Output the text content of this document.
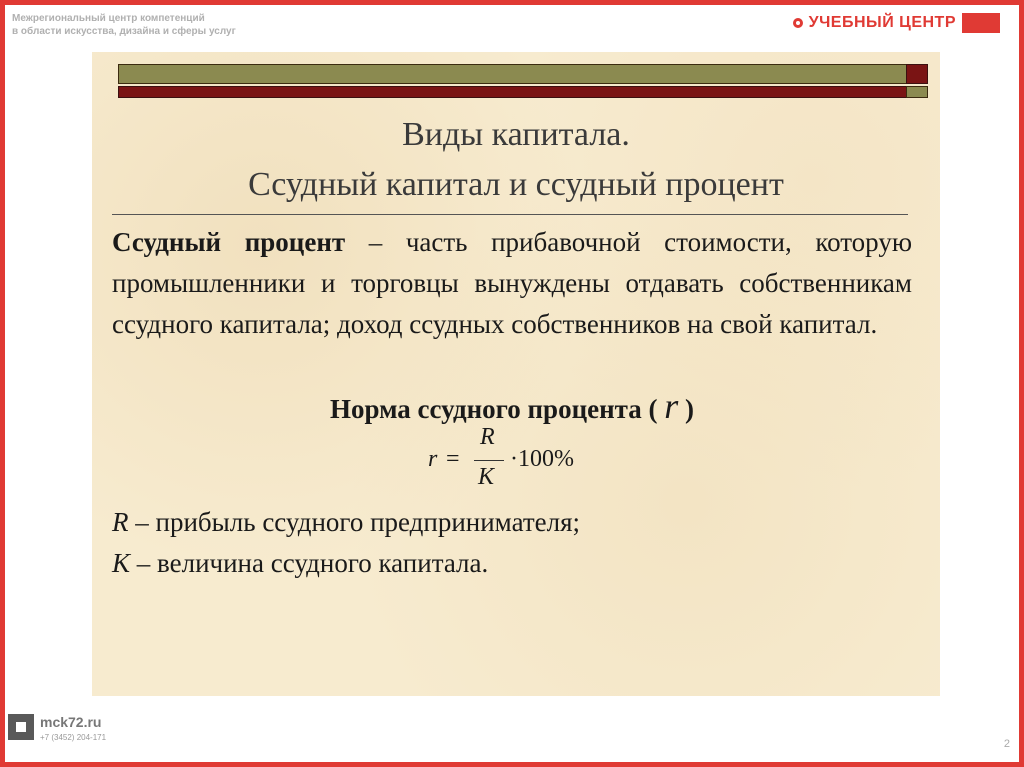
Межрегиональный центр компетенций
в области искусства, дизайна и сферы услуг
УЧЕБНЫЙ ЦЕНТР
Виды капитала.
Ссудный капитал и ссудный процент
Ссудный процент – часть прибавочной стоимости, которую промышленники и торговцы вынуждены отдавать собственникам ссудного капитала; доход ссудных собственников на свой капитал.
Норма ссудного процента ( r )
r =
R
K
·100%
R – прибыль ссудного предпринимателя;
K – величина ссудного капитала.
mck72.ru
+7 (3452) 204-171
2
